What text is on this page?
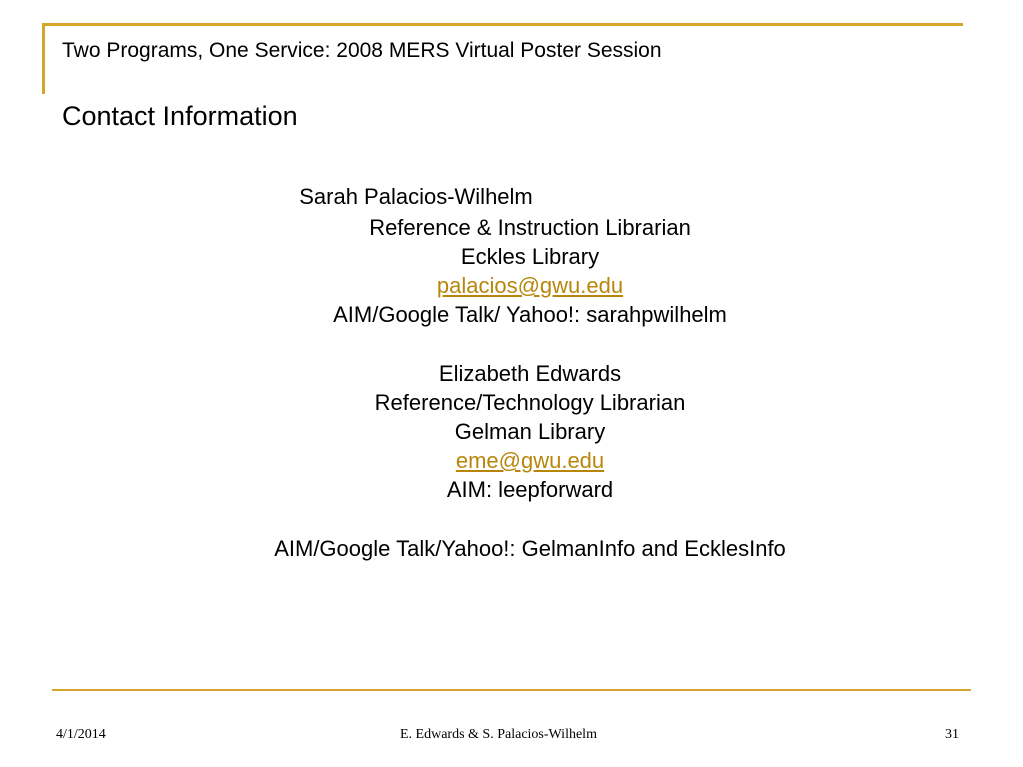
Two Programs, One Service: 2008 MERS Virtual Poster Session
Contact Information
Sarah Palacios-Wilhelm
Reference & Instruction Librarian
Eckles Library
palacios@gwu.edu
AIM/Google Talk/ Yahoo!: sarahpwilhelm
Elizabeth Edwards
Reference/Technology Librarian
Gelman Library
eme@gwu.edu
AIM: leepforward
AIM/Google Talk/Yahoo!: GelmanInfo and EcklesInfo
4/1/2014	E. Edwards & S. Palacios-Wilhelm	31
